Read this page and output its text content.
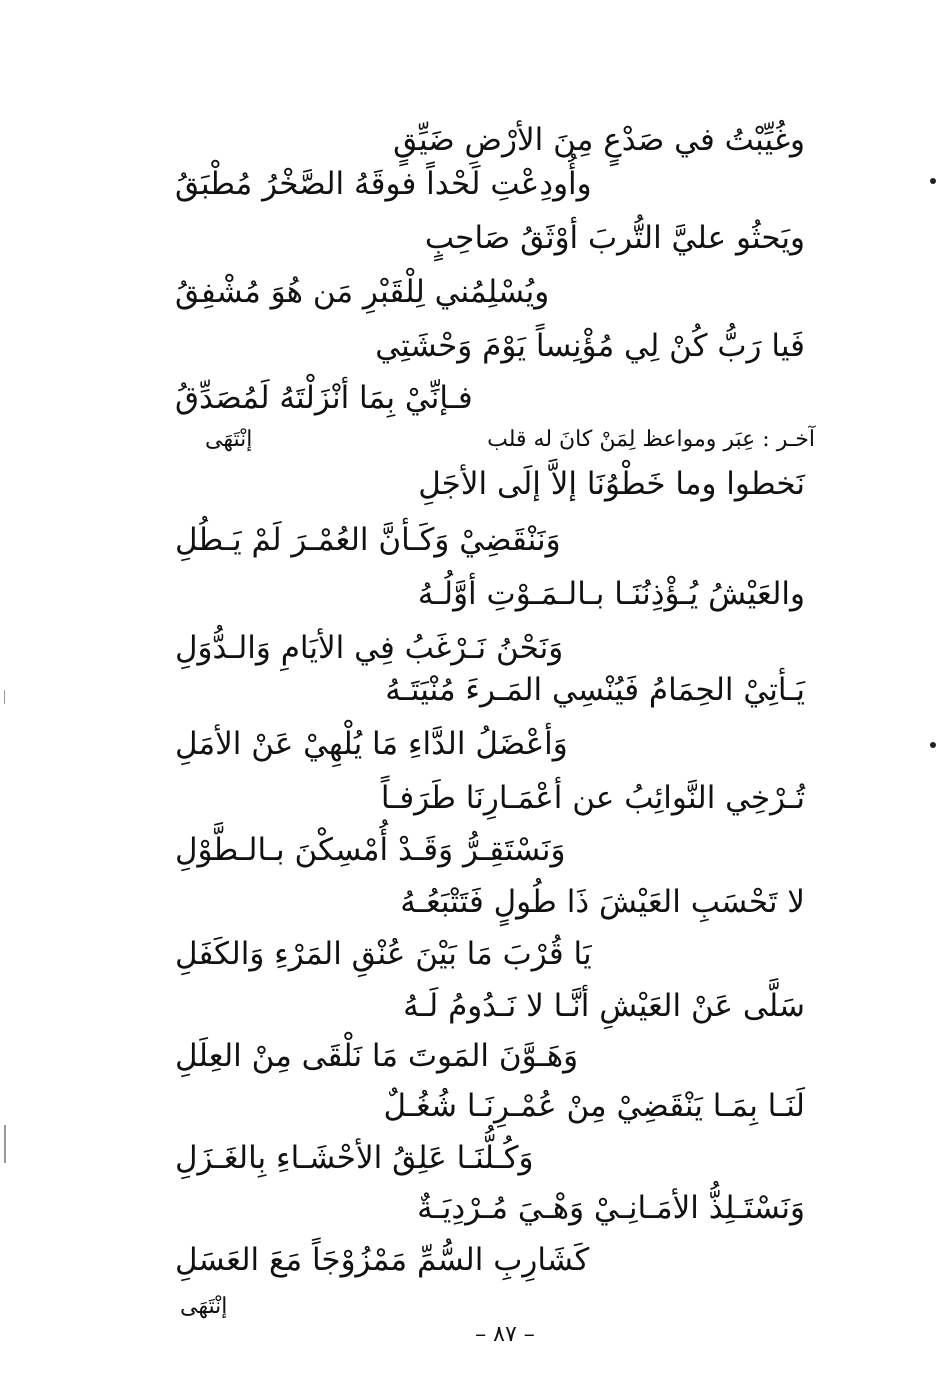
وغُيِّبْتُ في صَدْعٍ مِنَ الأرْضِ ضَيِّقٍ
وأُودِعْتِ لَحْداً فوقَهُ الصَّخْرُ مُطْبَقُ
ويَحثُو عليَّ التُّربَ أوْثَقُ صَاحِبٍ
ويُسْلِمُني لِلْقَبْرِ مَن هُوَ مُشْفِقُ
فَيا رَبُّ كُنْ لِي مُؤْنِساً يَوْمَ وَحْشَتِي
فـإنِّيْ بِمَا أنْزَلْتَهُ لَمُصَدِّقُ
آخـر : عِبَر ومواعظ لِمَنْ كانَ له قلب
إنْتَهَى
نَخطوا وما خَطْوُنَا إلاَّ إلَى الأجَلِ
وَنَنْقَضِيْ وَكَـأنَّ العُمْـرَ لَمْ يَـطُلِ
والعَيْشُ يُـؤْذِنُنَـا بـالـمَـوْتِ أوَّلُـهُ
وَنَحْنُ نَـرْغَبُ فِي الأيَامِ وَالـدُّوَلِ
يَـأتِيْ الحِمَامُ فَيُنْسِي المَـرءَ مُنْيَتَـهُ
وَأعْضَلُ الدَّاءِ مَا يُلْهِيْ عَنْ الأمَلِ
تُـرْخِي النَّوائِبُ عن أعْمَـارِنَا طَرَفـاً
وَنَسْتَقِـرُّ وَقَـدْ أُمْسِكْنَ بـالـطَّوْلِ
لا تَحْسَبِ العَيْشَ ذَا طُولٍ فَتَتْبَعُـهُ
يَا قُرْبَ مَا بَيْنَ عُنْقِ المَرْءِ وَالكَفَلِ
سَلَّى عَنْ العَيْشِ أنَّـا لا نَـدُومُ لَـهُ
وَهَـوَّنَ المَوتَ مَا نَلْقَى مِنْ العِلَلِ
لَنَـا بِمَـا يَنْقَضِيْ مِنْ عُمْـرِنَـا شُغُـلٌ
وَكُـلُّنَـا عَلِقُ الأحْشَـاءِ بِالغَـزَلِ
وَنَسْتَـلِذُّ الأمَـانِـيْ وَهْـيَ مُـرْدِيَـةٌ
كَشَارِبِ السُّمِّ مَمْزُوْجَاً مَعَ العَسَلِ
إنْتَهَى
– ٨٧ –
